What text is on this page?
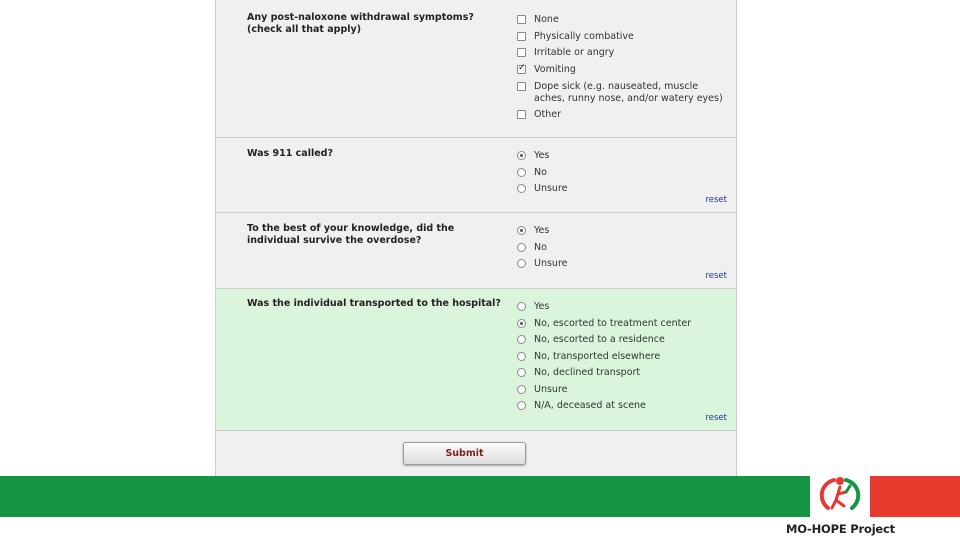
Any post-naloxone withdrawal symptoms? (check all that apply)
None
Physically combative
Irritable or angry
✓ Vomiting
Dope sick (e.g. nauseated, muscle aches, runny nose, and/or watery eyes)
Other
Was 911 called?	Yes
No
Unsure
reset
To the best of your knowledge, did the individual survive the overdose?
Yes
No
Unsure
reset
Was the individual transported to the hospital?	Yes
No, escorted to treatment center
No, escorted to a residence
No, transported elsewhere
No, declined transport
Unsure
N/A, deceased at scene
reset
Submit
MO-HOPE Project
